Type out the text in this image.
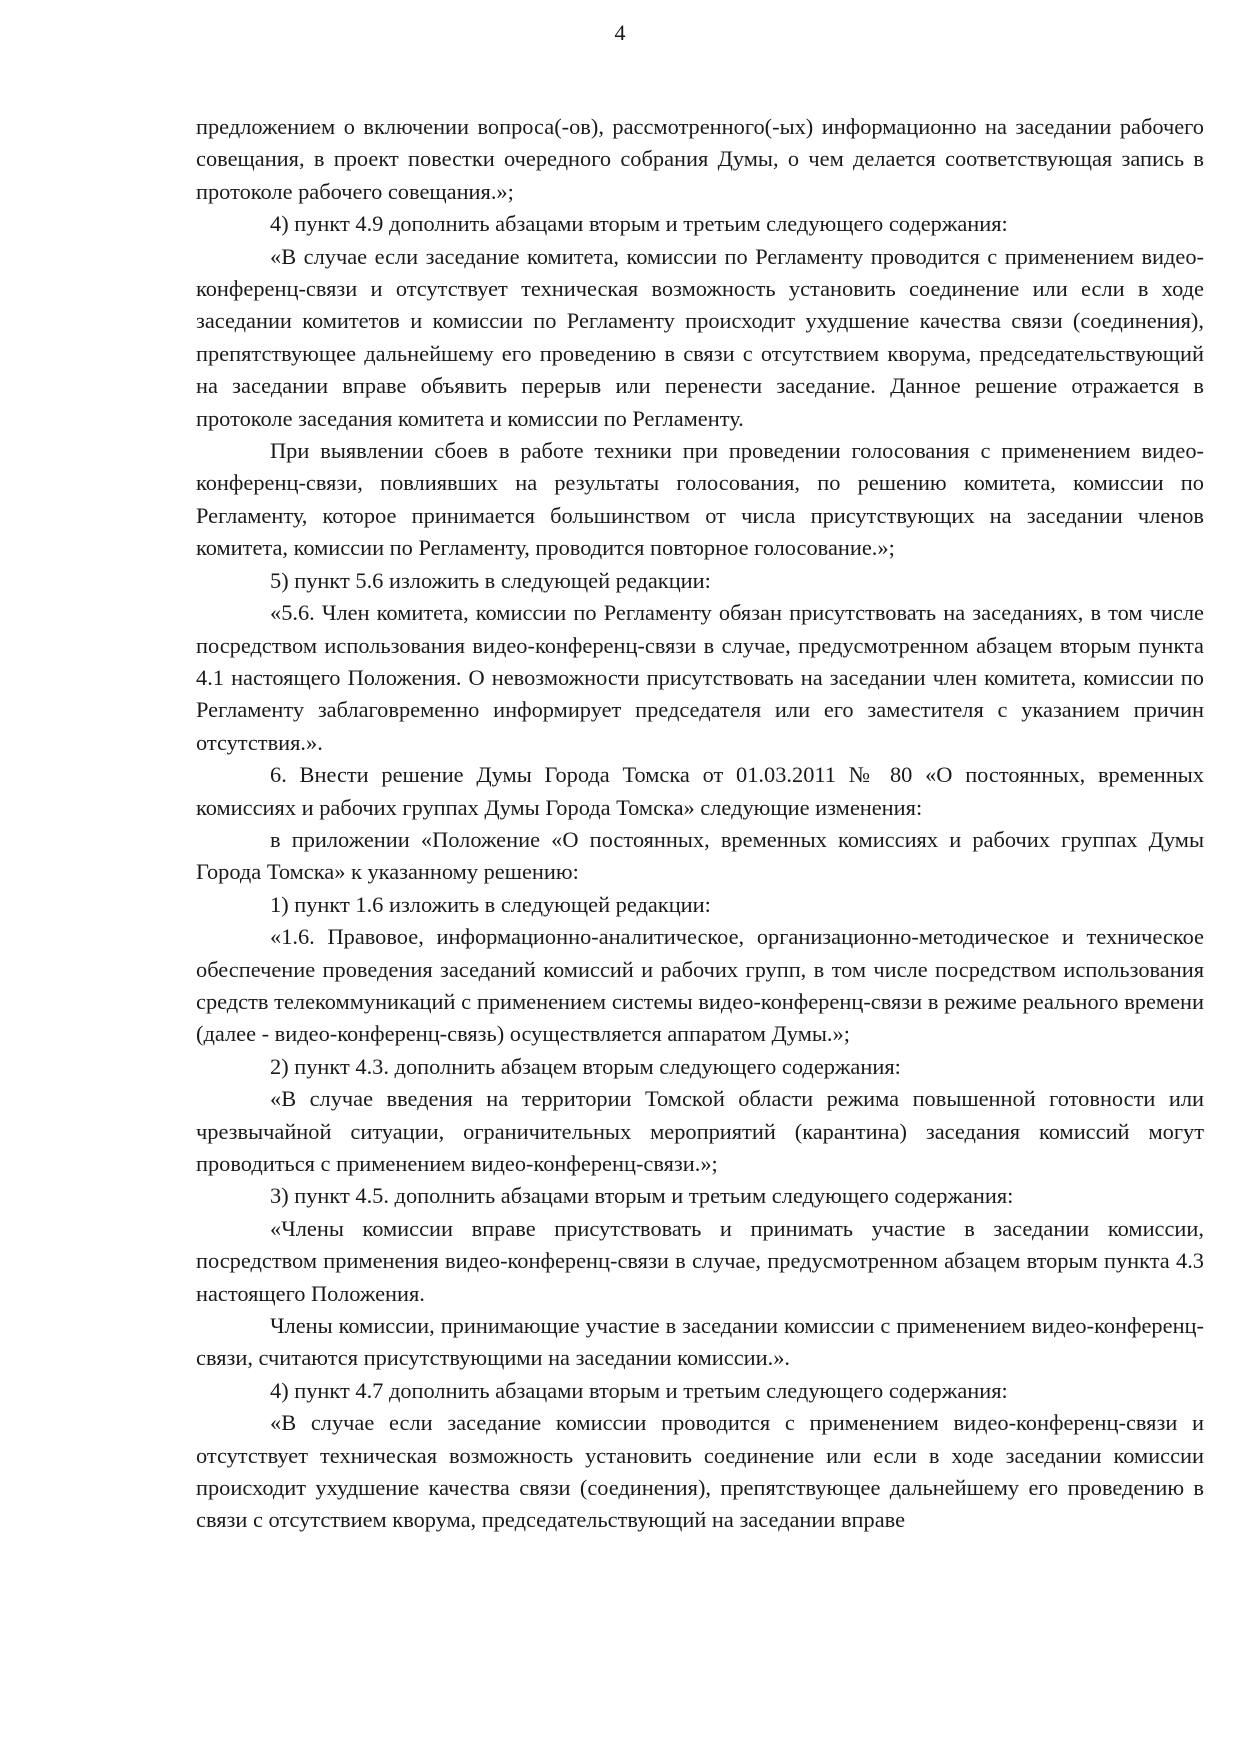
4

предложением о включении вопроса(-ов), рассмотренного(-ых) информационно на заседании рабочего совещания, в проект повестки очередного собрания Думы, о чем делается соответствующая запись в протоколе рабочего совещания.»;

4) пункт 4.9 дополнить абзацами вторым и третьим следующего содержания:

«В случае если заседание комитета, комиссии по Регламенту проводится с применением видео-конференц-связи и отсутствует техническая возможность установить соединение или если в ходе заседании комитетов и комиссии по Регламенту происходит ухудшение качества связи (соединения), препятствующее дальнейшему его проведению в связи с отсутствием кворума, председательствующий на заседании вправе объявить перерыв или перенести заседание. Данное решение отражается в протоколе заседания комитета и комиссии по Регламенту.

При выявлении сбоев в работе техники при проведении голосования с применением видео-конференц-связи, повлиявших на результаты голосования, по решению комитета, комиссии по Регламенту, которое принимается большинством от числа присутствующих на заседании членов комитета, комиссии по Регламенту, проводится повторное голосование.»;

5) пункт 5.6 изложить в следующей редакции:

«5.6. Член комитета, комиссии по Регламенту обязан присутствовать на заседаниях, в том числе посредством использования видео-конференц-связи в случае, предусмотренном абзацем вторым пункта 4.1 настоящего Положения. О невозможности присутствовать на заседании член комитета, комиссии по Регламенту заблаговременно информирует председателя или его заместителя с указанием причин отсутствия.».

6. Внести решение Думы Города Томска от 01.03.2011 № 80 «О постоянных, временных комиссиях и рабочих группах Думы Города Томска» следующие изменения:

в приложении «Положение «О постоянных, временных комиссиях и рабочих группах Думы Города Томска» к указанному решению:

1) пункт 1.6 изложить в следующей редакции:

«1.6. Правовое, информационно-аналитическое, организационно-методическое и техническое обеспечение проведения заседаний комиссий и рабочих групп, в том числе посредством использования средств телекоммуникаций с применением системы видео-конференц-связи в режиме реального времени (далее - видео-конференц-связь) осуществляется аппаратом Думы.»;

2) пункт 4.3. дополнить абзацем вторым следующего содержания:

«В случае введения на территории Томской области режима повышенной готовности или чрезвычайной ситуации, ограничительных мероприятий (карантина) заседания комиссий могут проводиться с применением видео-конференц-связи.»;

3) пункт 4.5. дополнить абзацами вторым и третьим следующего содержания:

«Члены комиссии вправе присутствовать и принимать участие в заседании комиссии, посредством применения видео-конференц-связи в случае, предусмотренном абзацем вторым пункта 4.3 настоящего Положения.

Члены комиссии, принимающие участие в заседании комиссии с применением видео-конференц-связи, считаются присутствующими на заседании комиссии.».

4) пункт 4.7 дополнить абзацами вторым и третьим следующего содержания:

«В случае если заседание комиссии проводится с применением видео-конференц-связи и отсутствует техническая возможность установить соединение или если в ходе заседании комиссии происходит ухудшение качества связи (соединения), препятствующее дальнейшему его проведению в связи с отсутствием кворума, председательствующий на заседании вправе
